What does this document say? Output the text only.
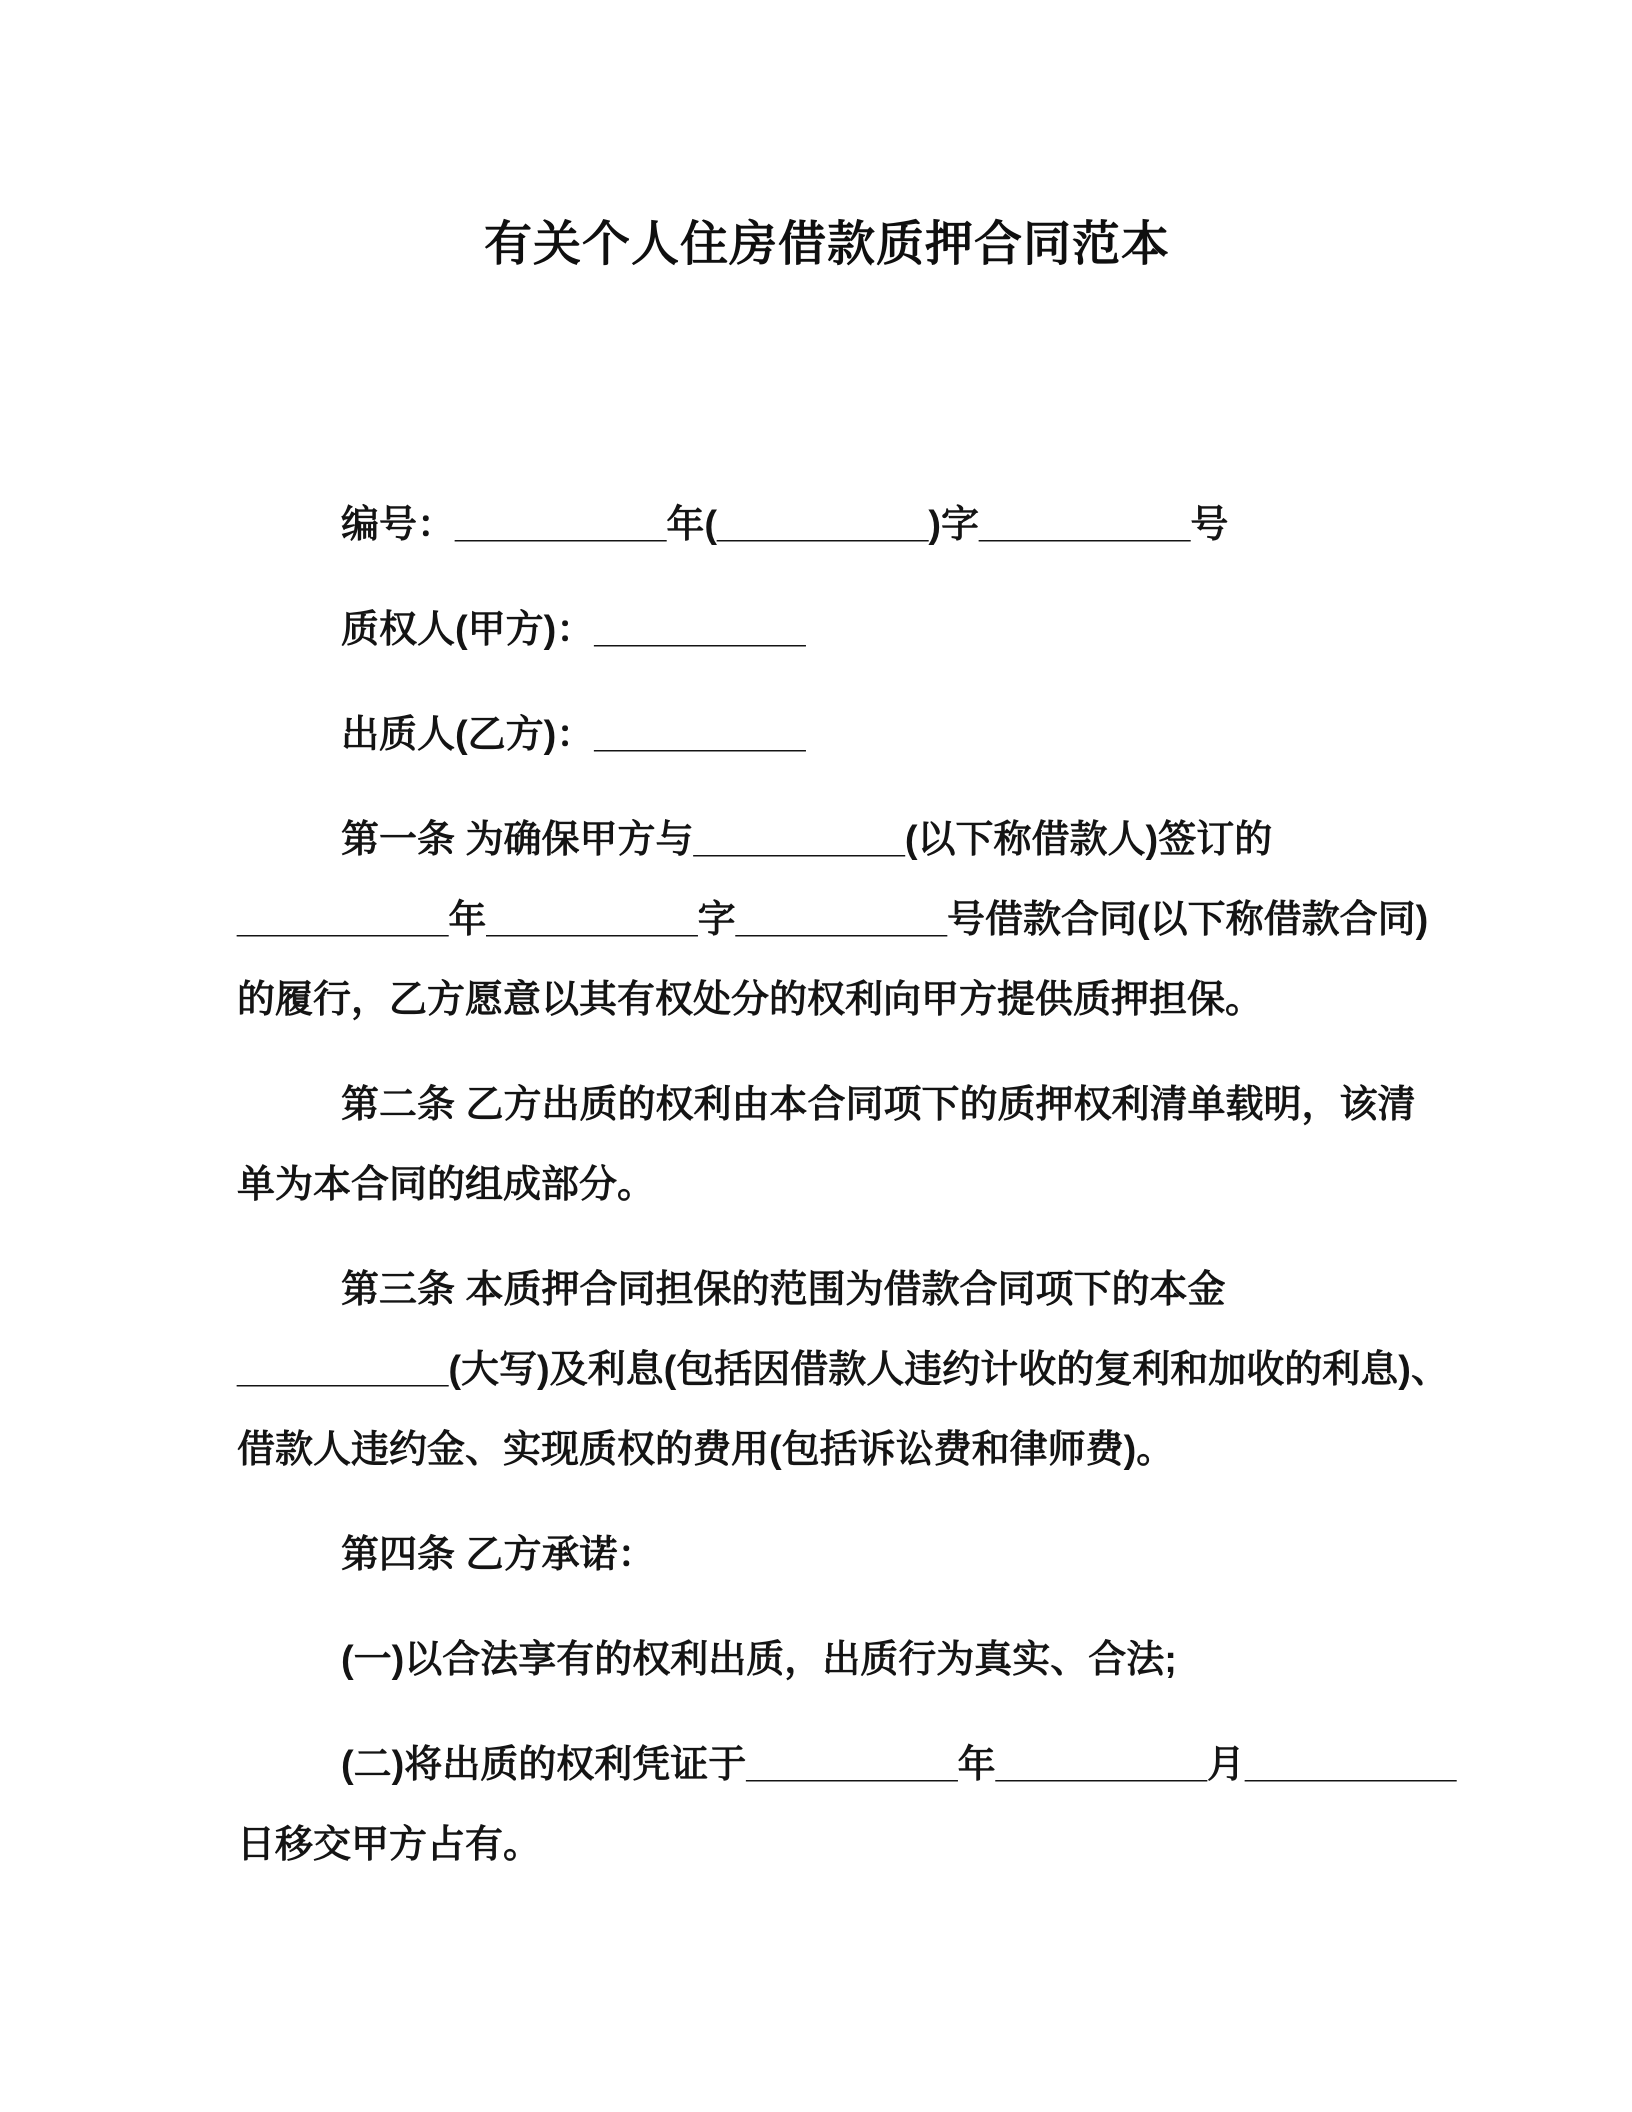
有关个人住房借款质押合同范本
编号：__________年(__________)字__________号
质权人(甲方)：__________
出质人(乙方)：__________
第一条 为确保甲方与__________(以下称借款人)签订的
__________年__________字__________号借款合同(以下称借款合同)
的履行，乙方愿意以其有权处分的权利向甲方提供质押担保。
第二条 乙方出质的权利由本合同项下的质押权利清单载明，该清
单为本合同的组成部分。
第三条 本质押合同担保的范围为借款合同项下的本金
__________(大写)及利息(包括因借款人违约计收的复利和加收的利息)、
借款人违约金、实现质权的费用(包括诉讼费和律师费)。
第四条 乙方承诺：
(一)以合法享有的权利出质，出质行为真实、合法;
(二)将出质的权利凭证于__________年__________月__________
日移交甲方占有。
